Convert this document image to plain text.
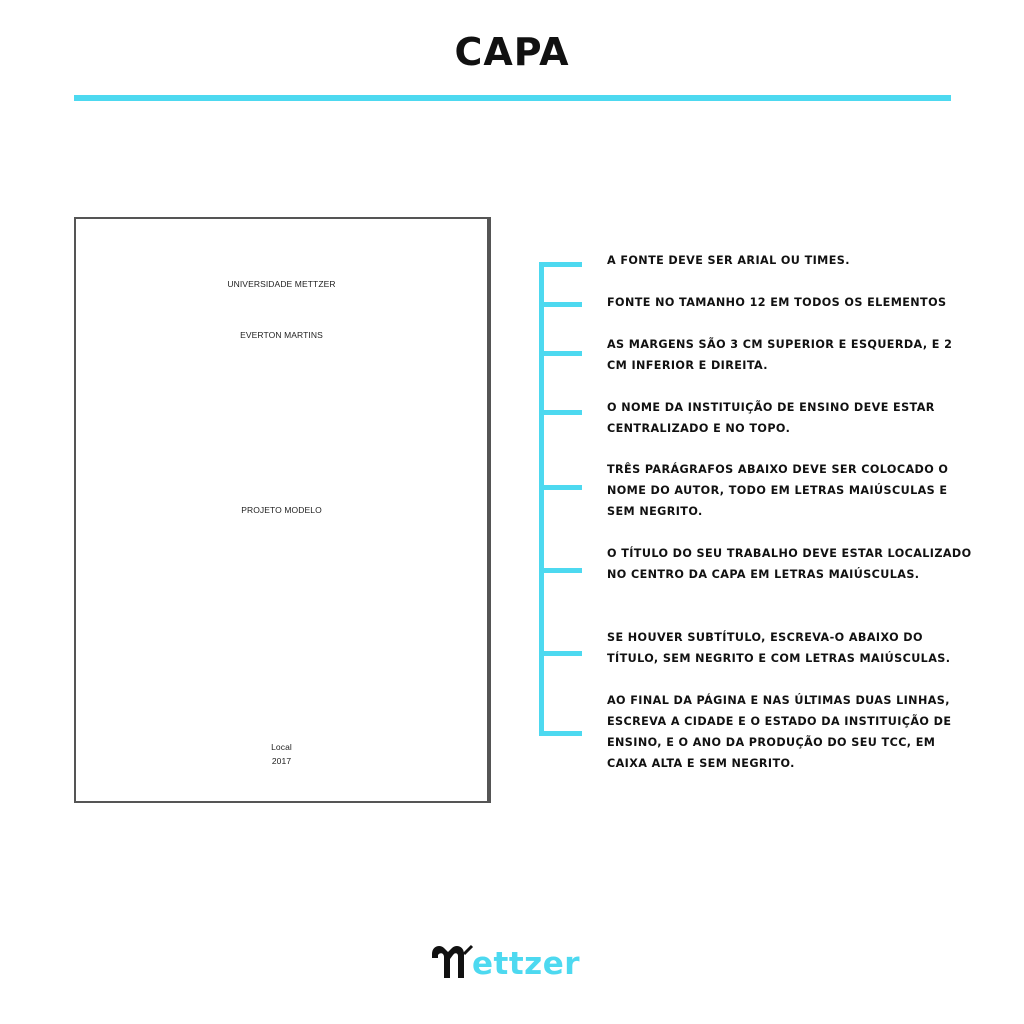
CAPA
UNIVERSIDADE METTZER
EVERTON MARTINS
PROJETO MODELO
Local
2017
A FONTE DEVE SER ARIAL OU TIMES.
FONTE NO TAMANHO 12 EM TODOS OS ELEMENTOS
AS MARGENS SÃO 3 CM SUPERIOR E ESQUERDA, E 2 CM INFERIOR E DIREITA.
O NOME DA INSTITUIÇÃO DE ENSINO DEVE ESTAR CENTRALIZADO E NO TOPO.
TRÊS PARÁGRAFOS ABAIXO DEVE SER COLOCADO O NOME DO AUTOR, TODO EM LETRAS MAIÚSCULAS E SEM NEGRITO.
O TÍTULO DO SEU TRABALHO DEVE ESTAR LOCALIZADO NO CENTRO DA CAPA EM LETRAS MAIÚSCULAS.
SE HOUVER SUBTÍTULO, ESCREVA-O ABAIXO DO TÍTULO, SEM NEGRITO E COM LETRAS MAIÚSCULAS.
AO FINAL DA PÁGINA E NAS ÚLTIMAS DUAS LINHAS, ESCREVA A CIDADE E O ESTADO DA INSTITUIÇÃO DE ENSINO, E O ANO DA PRODUÇÃO DO SEU TCC, EM CAIXA ALTA E SEM NEGRITO.
ettzer
